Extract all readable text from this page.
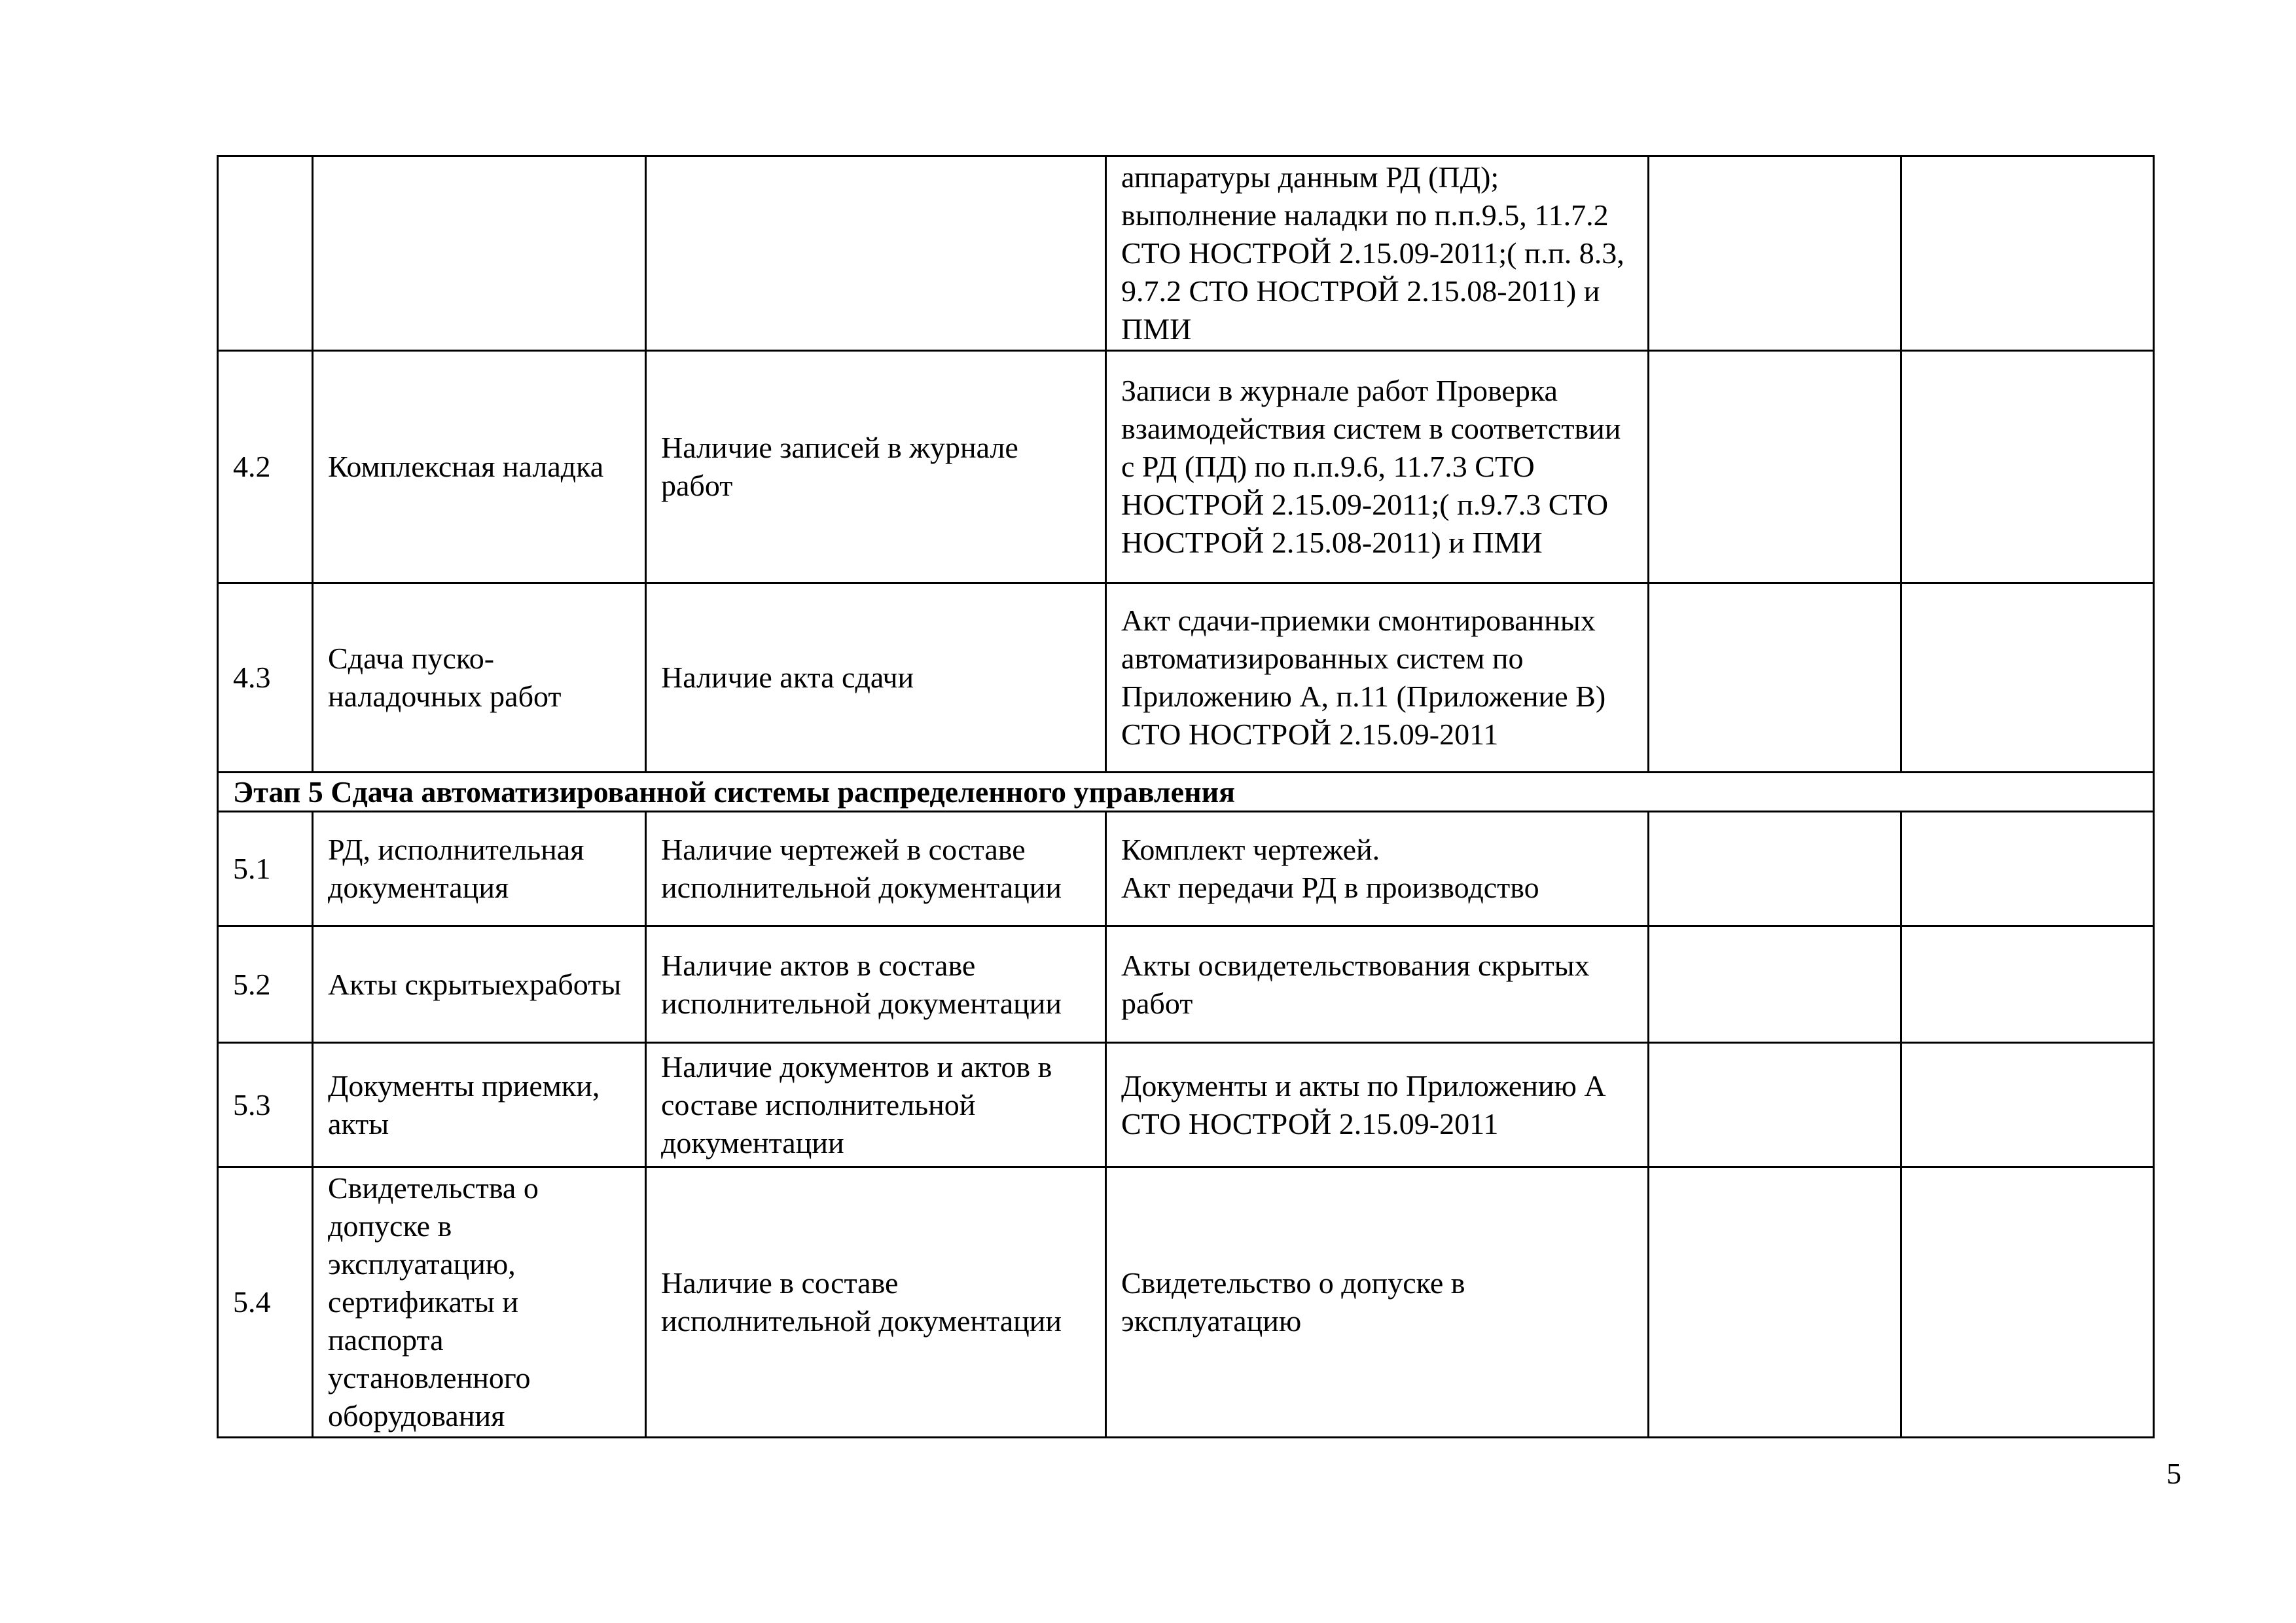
			аппаратуры данным РД (ПД);
выполнение наладки по п.п.9.5, 11.7.2 СТО НОСТРОЙ 2.15.09-2011;( п.п. 8.3, 9.7.2 СТО НОСТРОЙ 2.15.08-2011) и ПМИ		
4.2	Комплексная наладка	Наличие записей в журнале работ	Записи в журнале работ Проверка взаимодействия систем в соответствии с РД (ПД) по п.п.9.6, 11.7.3 СТО НОСТРОЙ 2.15.09-2011;( п.9.7.3 СТО НОСТРОЙ 2.15.08-2011) и ПМИ		
4.3	Сдача пуско-наладочных работ	Наличие акта сдачи	Акт сдачи-приемки смонтированных автоматизированных систем по Приложению А, п.11 (Приложение В) СТО НОСТРОЙ 2.15.09-2011		
Этап 5 Сдача автоматизированной системы распределенного управления					
5.1	РД, исполнительная документация	Наличие чертежей в составе исполнительной документации	Комплект чертежей.
Акт передачи РД в производство		
5.2	Акты скрытыехработы	Наличие актов в составе исполнительной документации	Акты освидетельствования скрытых работ		
5.3	Документы приемки, акты	Наличие документов и актов в составе исполнительной документации	Документы и акты по Приложению А СТО НОСТРОЙ 2.15.09-2011		
5.4	Свидетельства о допуске в эксплуатацию, сертификаты и паспорта установленного оборудования	Наличие в составе исполнительной документации	Свидетельство о допуске в эксплуатацию		
5
